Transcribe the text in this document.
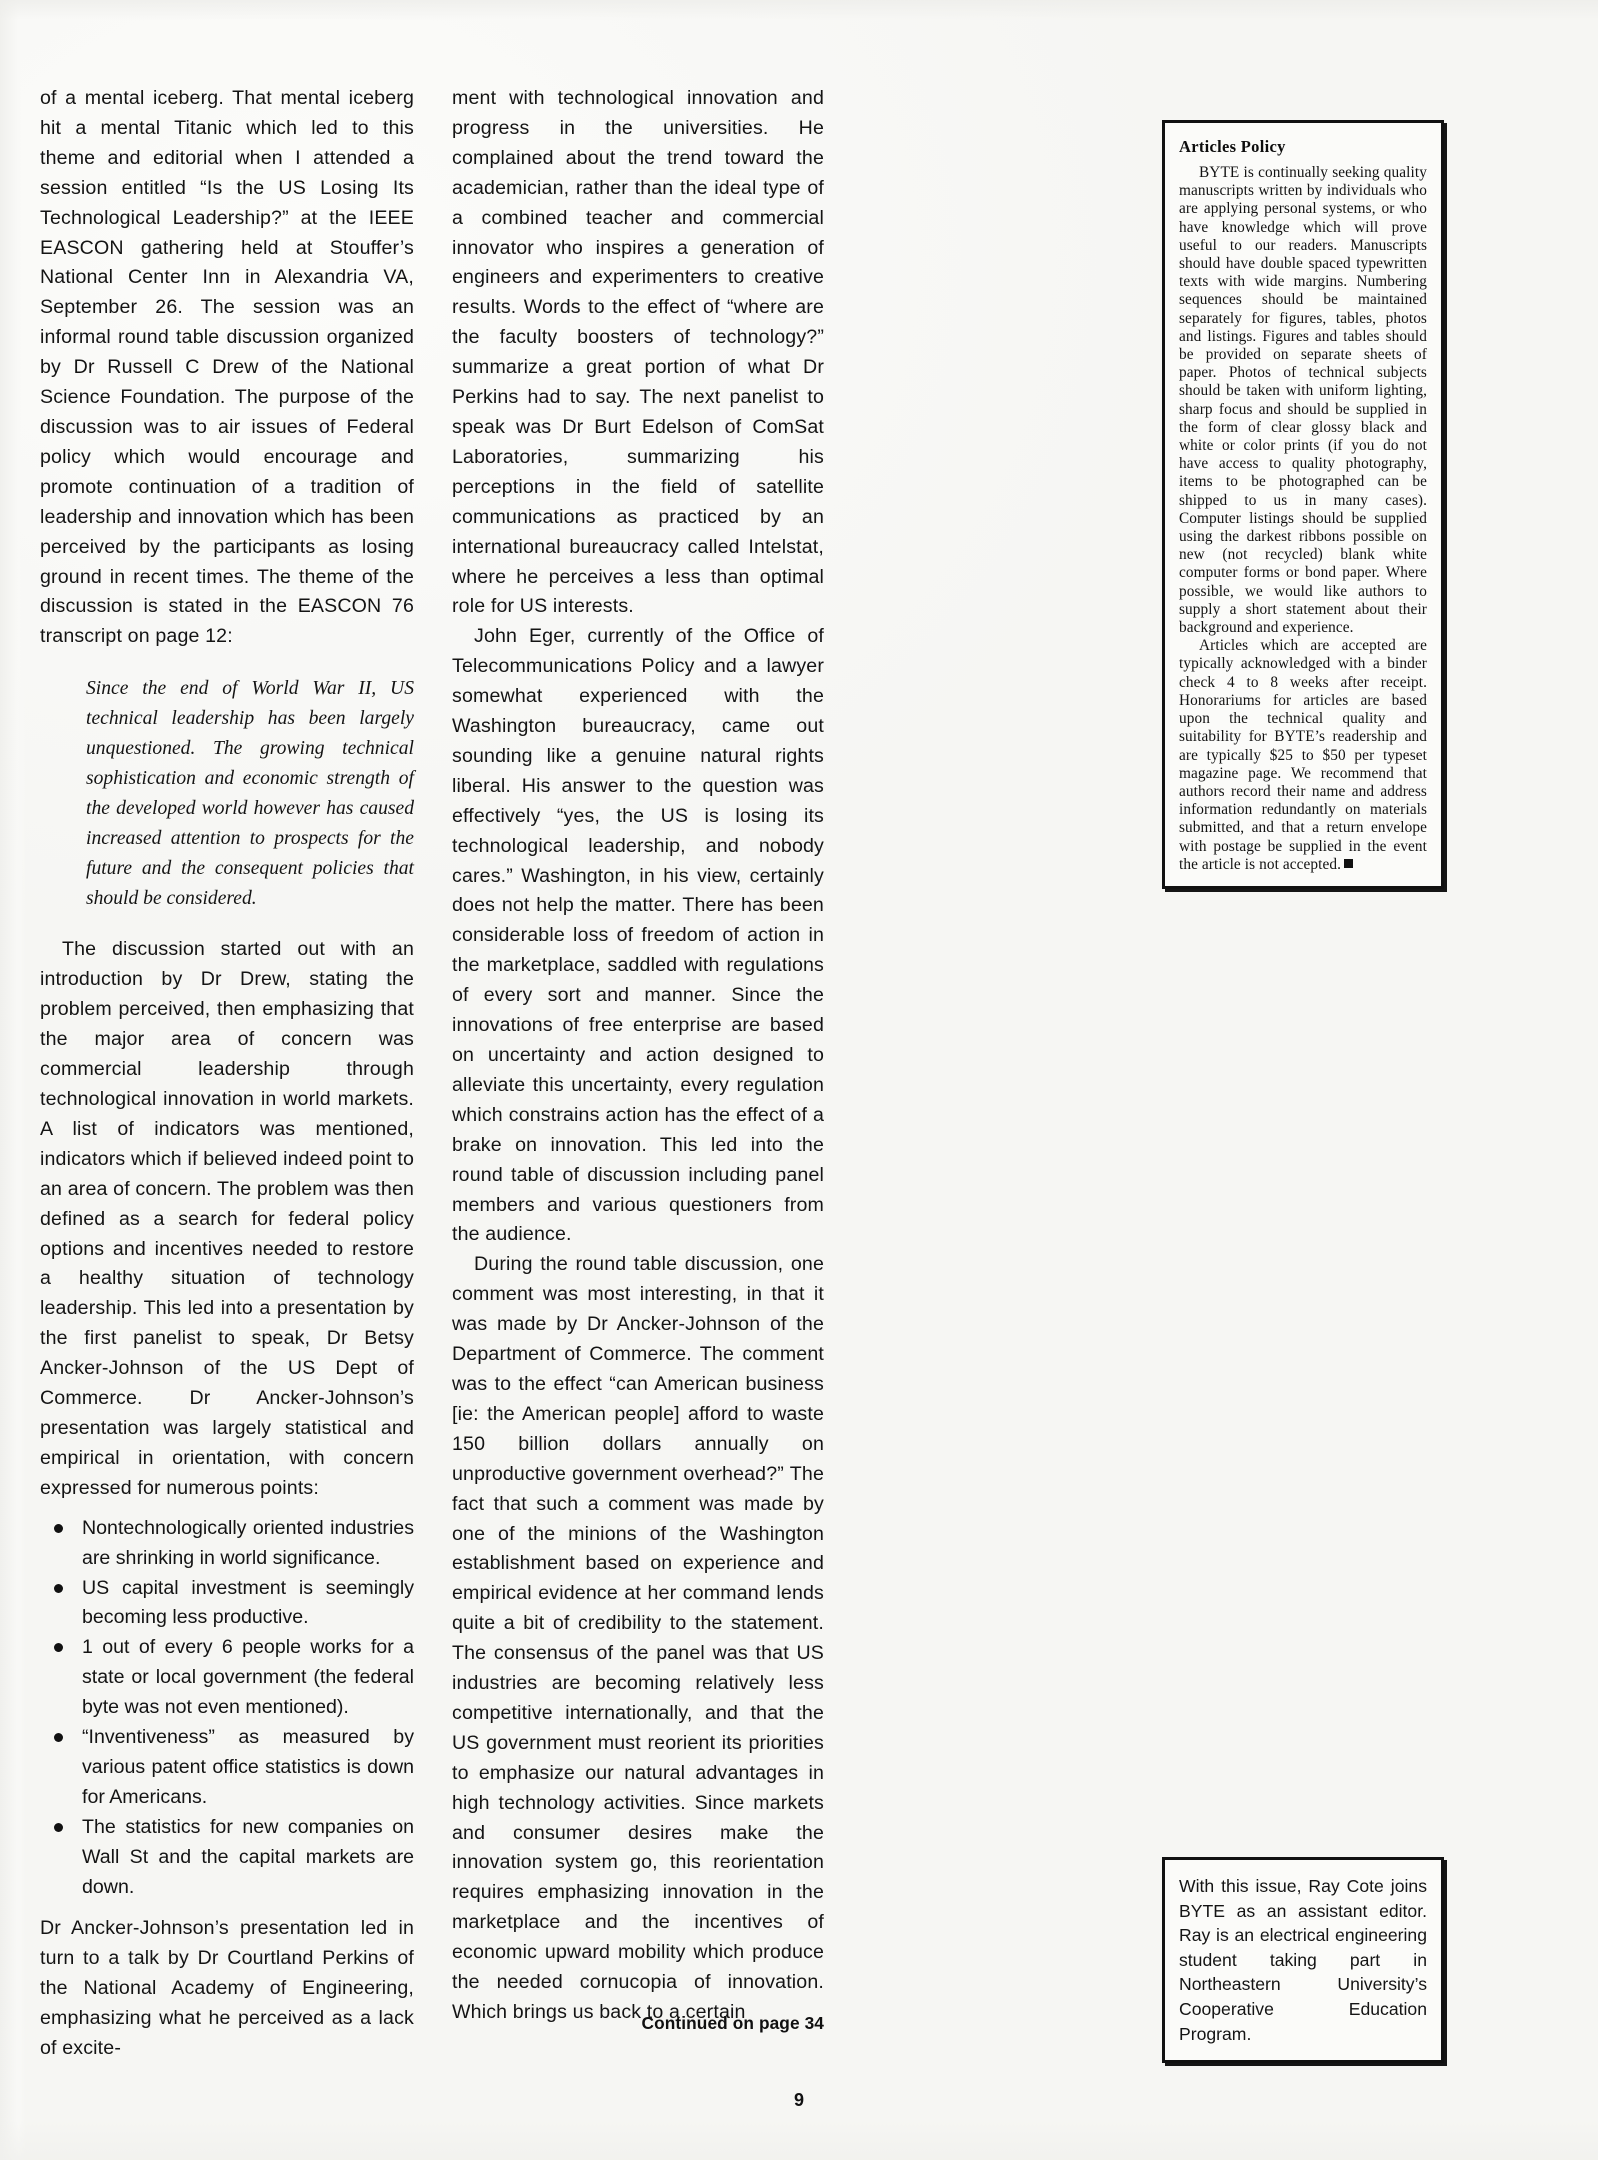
of a mental iceberg. That mental iceberg hit a mental Titanic which led to this theme and editorial when I attended a session entitled “Is the US Losing Its Technological Leadership?” at the IEEE EASCON gathering held at Stouffer’s National Center Inn in Alexandria VA, September 26. The session was an informal round table discussion organized by Dr Russell C Drew of the National Science Foundation. The purpose of the discussion was to air issues of Federal policy which would encourage and promote continuation of a tradition of leadership and innovation which has been perceived by the participants as losing ground in recent times. The theme of the discussion is stated in the EASCON 76 transcript on page 12:

Since the end of World War II, US technical leadership has been largely unquestioned. The growing technical sophistication and economic strength of the developed world however has caused increased attention to prospects for the future and the consequent policies that should be considered.

The discussion started out with an introduction by Dr Drew, stating the problem perceived, then emphasizing that the major area of concern was commercial leadership through technological innovation in world markets. A list of indicators was mentioned, indicators which if believed indeed point to an area of concern. The problem was then defined as a search for federal policy options and incentives needed to restore a healthy situation of technology leadership. This led into a presentation by the first panelist to speak, Dr Betsy Ancker-Johnson of the US Dept of Commerce. Dr Ancker-Johnson’s presentation was largely statistical and empirical in orientation, with concern expressed for numerous points:

Nontechnologically oriented industries are shrinking in world significance.
US capital investment is seemingly becoming less productive.
1 out of every 6 people works for a state or local government (the federal byte was not even mentioned).
“Inventiveness” as measured by various patent office statistics is down for Americans.
The statistics for new companies on Wall St and the capital markets are down.

Dr Ancker-Johnson’s presentation led in turn to a talk by Dr Courtland Perkins of the National Academy of Engineering, emphasizing what he perceived as a lack of excite-

ment with technological innovation and progress in the universities. He complained about the trend toward the academician, rather than the ideal type of a combined teacher and commercial innovator who inspires a generation of engineers and experimenters to creative results. Words to the effect of “where are the faculty boosters of technology?” summarize a great portion of what Dr Perkins had to say. The next panelist to speak was Dr Burt Edelson of ComSat Laboratories, summarizing his perceptions in the field of satellite communications as practiced by an international bureaucracy called Intelstat, where he perceives a less than optimal role for US interests.

John Eger, currently of the Office of Telecommunications Policy and a lawyer somewhat experienced with the Washington bureaucracy, came out sounding like a genuine natural rights liberal. His answer to the question was effectively “yes, the US is losing its technological leadership, and nobody cares.” Washington, in his view, certainly does not help the matter. There has been considerable loss of freedom of action in the marketplace, saddled with regulations of every sort and manner. Since the innovations of free enterprise are based on uncertainty and action designed to alleviate this uncertainty, every regulation which constrains action has the effect of a brake on innovation. This led into the round table of discussion including panel members and various questioners from the audience.

During the round table discussion, one comment was most interesting, in that it was made by Dr Ancker-Johnson of the Department of Commerce. The comment was to the effect “can American business [ie: the American people] afford to waste 150 billion dollars annually on unproductive government overhead?” The fact that such a comment was made by one of the minions of the Washington establishment based on experience and empirical evidence at her command lends quite a bit of credibility to the statement. The consensus of the panel was that US industries are becoming relatively less competitive internationally, and that the US government must reorient its priorities to emphasize our natural advantages in high technology activities. Since markets and consumer desires make the innovation system go, this reorientation requires emphasizing innovation in the marketplace and the incentives of economic upward mobility which produce the needed cornucopia of innovation. Which brings us back to a certain

Articles Policy

BYTE is continually seeking quality manuscripts written by individuals who are applying personal systems, or who have knowledge which will prove useful to our readers. Manuscripts should have double spaced typewritten texts with wide margins. Numbering sequences should be maintained separately for figures, tables, photos and listings. Figures and tables should be provided on separate sheets of paper. Photos of technical subjects should be taken with uniform lighting, sharp focus and should be supplied in the form of clear glossy black and white or color prints (if you do not have access to quality photography, items to be photographed can be shipped to us in many cases). Computer listings should be supplied using the darkest ribbons possible on new (not recycled) blank white computer forms or bond paper. Where possible, we would like authors to supply a short statement about their background and experience.

Articles which are accepted are typically acknowledged with a binder check 4 to 8 weeks after receipt. Honorariums for articles are based upon the technical quality and suitability for BYTE’s readership and are typically $25 to $50 per typeset magazine page. We recommend that authors record their name and address information redundantly on materials submitted, and that a return envelope with postage be supplied in the event the article is not accepted.

With this issue, Ray Cote joins BYTE as an assistant editor. Ray is an electrical engineering student taking part in Northeastern University’s Cooperative Education Program.

Continued on page 34
9
